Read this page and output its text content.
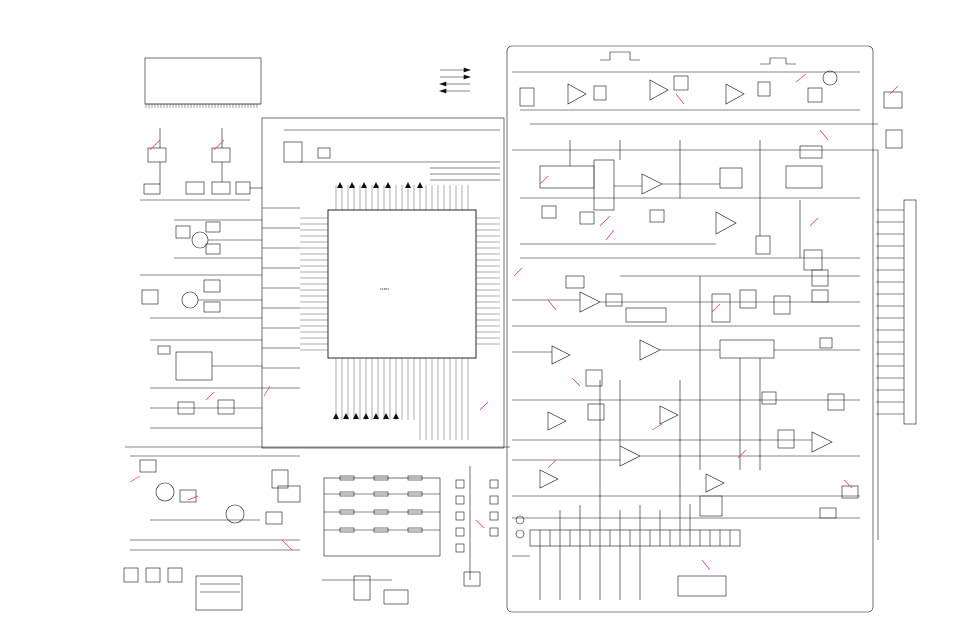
IC501
